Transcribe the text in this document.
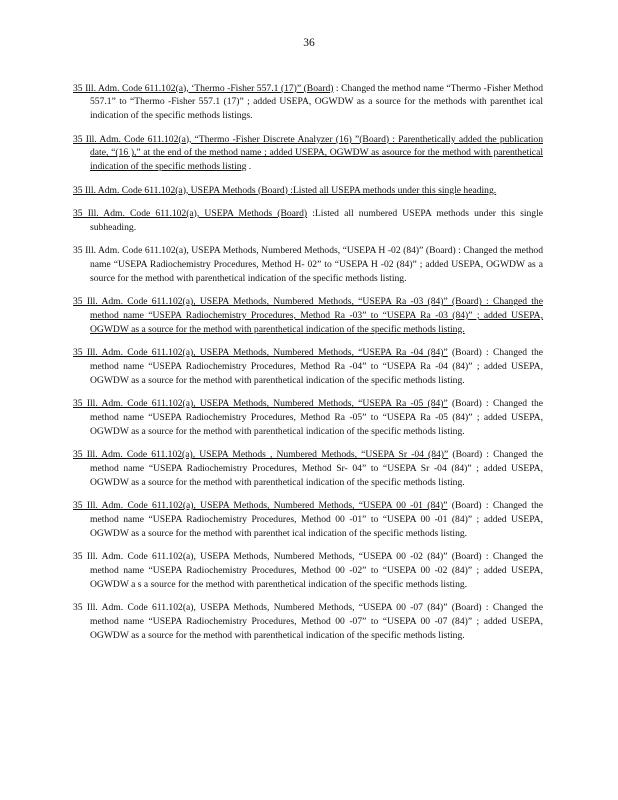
36

35 Ill. Adm. Code 611.102(a), ‘Thermo -Fisher 557.1 (17)” (Board) : Changed the method name “Thermo -Fisher Method 557.1” to “Thermo -Fisher 557.1 (17)” ; added USEPA, OGWDW as a source for the methods with parenthet ical indication of the specific methods listings.

35 Ill. Adm. Code 611.102(a), “Thermo -Fisher Discrete Analyzer (16) ”(Board) : Parenthetically added the publication date, “(16 ),” at the end of the method name ; added USEPA, OGWDW as asource for the method with parenthetical indication of the specific methods listing .

35 Ill. Adm. Code 611.102(a), USEPA Methods (Board) :Listed all USEPA methods under this single heading.

35 Ill. Adm. Code 611.102(a), USEPA Methods (Board) :Listed all numbered USEPA methods under this single subheading.

35 Ill. Adm. Code 611.102(a), USEPA Methods, Numbered Methods, “USEPA H -02 (84)” (Board) : Changed the method name “USEPA Radiochemistry Procedures, Method H- 02” to “USEPA H -02 (84)” ; added USEPA, OGWDW as a source for the method with parenthetical indication of the specific methods listing.

35 Ill. Adm. Code 611.102(a), USEPA Methods, Numbered Methods, “USEPA Ra -03 (84)” (Board) : Changed the method name “USEPA Radiochemistry Procedures, Method Ra -03” to “USEPA Ra -03 (84)” ; added USEPA, OGWDW as a source for the method with parenthetical indication of the specific methods listing.

35 Ill. Adm. Code 611.102(a), USEPA Methods, Numbered Methods, “USEPA Ra -04 (84)” (Board) : Changed the method name “USEPA Radiochemistry Procedures, Method Ra -04” to “USEPA Ra -04 (84)” ; added USEPA, OGWDW as a source for the method with parenthetical indication of the specific methods listing.

35 Ill. Adm. Code 611.102(a), USEPA Methods, Numbered Methods, “USEPA Ra -05 (84)” (Board) : Changed the method name “USEPA Radiochemistry Procedures, Method Ra -05” to “USEPA Ra -05 (84)” ; added USEPA, OGWDW as a source for the method with parenthetical indication of the specific methods listing.

35 Ill. Adm. Code 611.102(a), USEPA Methods , Numbered Methods, “USEPA Sr -04 (84)” (Board) : Changed the method name “USEPA Radiochemistry Procedures, Method Sr- 04” to “USEPA Sr -04 (84)” ; added USEPA, OGWDW as a source for the method with parenthetical indication of the specific methods listing.

35 Ill. Adm. Code 611.102(a), USEPA Methods, Numbered Methods, “USEPA 00 -01 (84)” (Board) : Changed the method name “USEPA Radiochemistry Procedures, Method 00 -01” to “USEPA 00 -01 (84)” ; added USEPA, OGWDW as a source for the method with parenthet ical indication of the specific methods listing.

35 Ill. Adm. Code 611.102(a), USEPA Methods, Numbered Methods, “USEPA 00 -02 (84)” (Board) : Changed the method name “USEPA Radiochemistry Procedures, Method 00 -02” to “USEPA 00 -02 (84)” ; added USEPA, OGWDW a s a source for the method with parenthetical indication of the specific methods listing.

35 Ill. Adm. Code 611.102(a), USEPA Methods, Numbered Methods, “USEPA 00 -07 (84)” (Board) : Changed the method name “USEPA Radiochemistry Procedures, Method 00 -07” to “USEPA 00 -07 (84)” ; added USEPA, OGWDW as a source for the method with parenthetical indication of the specific methods listing.
